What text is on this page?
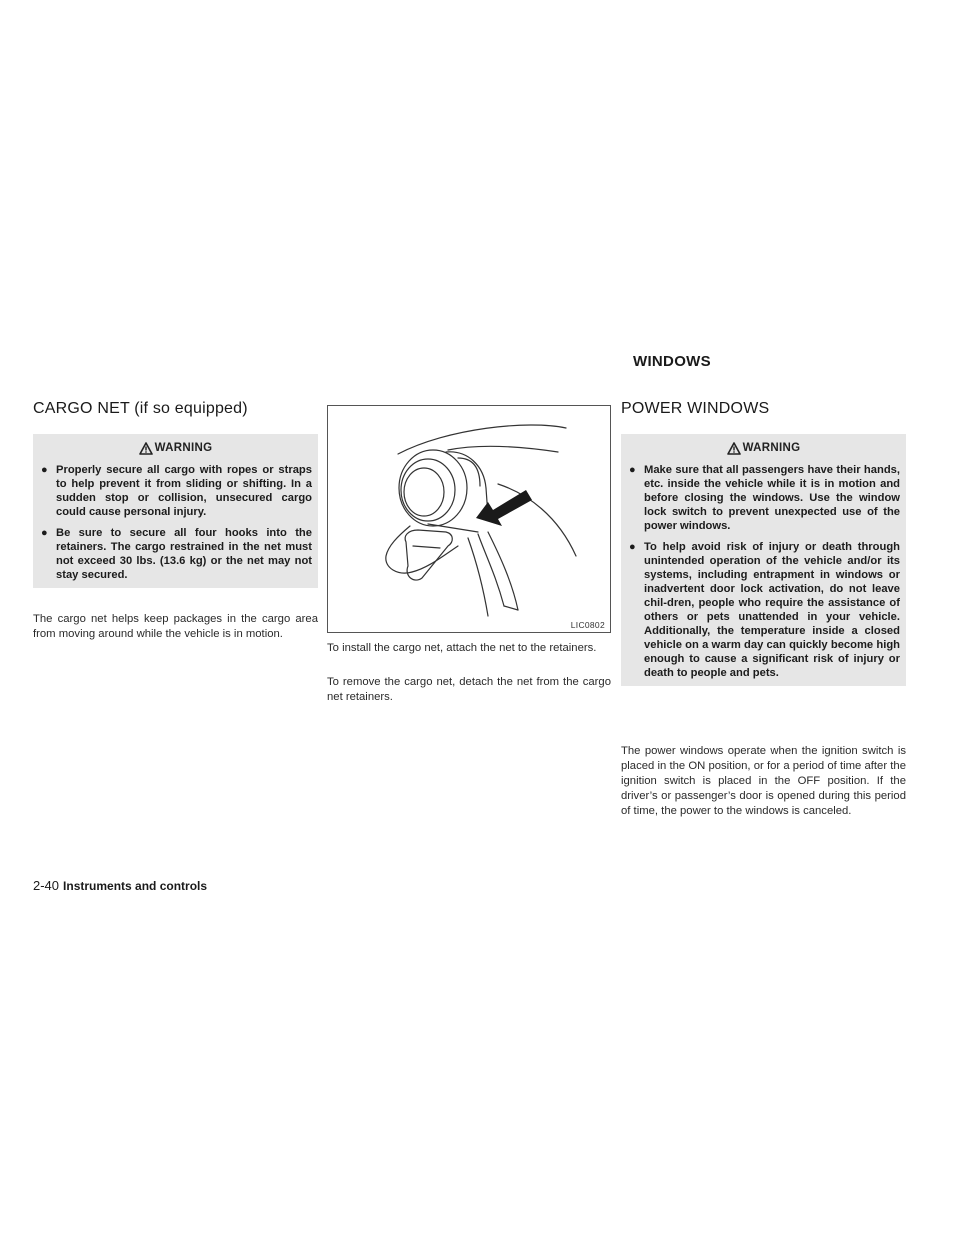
WINDOWS
CARGO NET (if so equipped)
WARNING
● Properly secure all cargo with ropes or straps to help prevent it from sliding or shifting. In a sudden stop or collision, unsecured cargo could cause personal injury.
● Be sure to secure all four hooks into the retainers. The cargo restrained in the net must not exceed 30 lbs. (13.6 kg) or the net may not stay secured.

The cargo net helps keep packages in the cargo area from moving around while the vehicle is in motion.

LIC0802

To install the cargo net, attach the net to the retainers.

To remove the cargo net, detach the net from the cargo net retainers.

POWER WINDOWS
WARNING
● Make sure that all passengers have their hands, etc. inside the vehicle while it is in motion and before closing the windows. Use the window lock switch to prevent unexpected use of the power windows.
● To help avoid risk of injury or death through unintended operation of the vehicle and/or its systems, including entrapment in windows or inadvertent door lock activation, do not leave chil-dren, people who require the assistance of others or pets unattended in your vehicle. Additionally, the temperature inside a closed vehicle on a warm day can quickly become high enough to cause a significant risk of injury or death to people and pets.

The power windows operate when the ignition switch is placed in the ON position, or for a period of time after the ignition switch is placed in the OFF position. If the driver’s or passenger’s door is opened during this period of time, the power to the windows is canceled.

2-40 Instruments and controls
